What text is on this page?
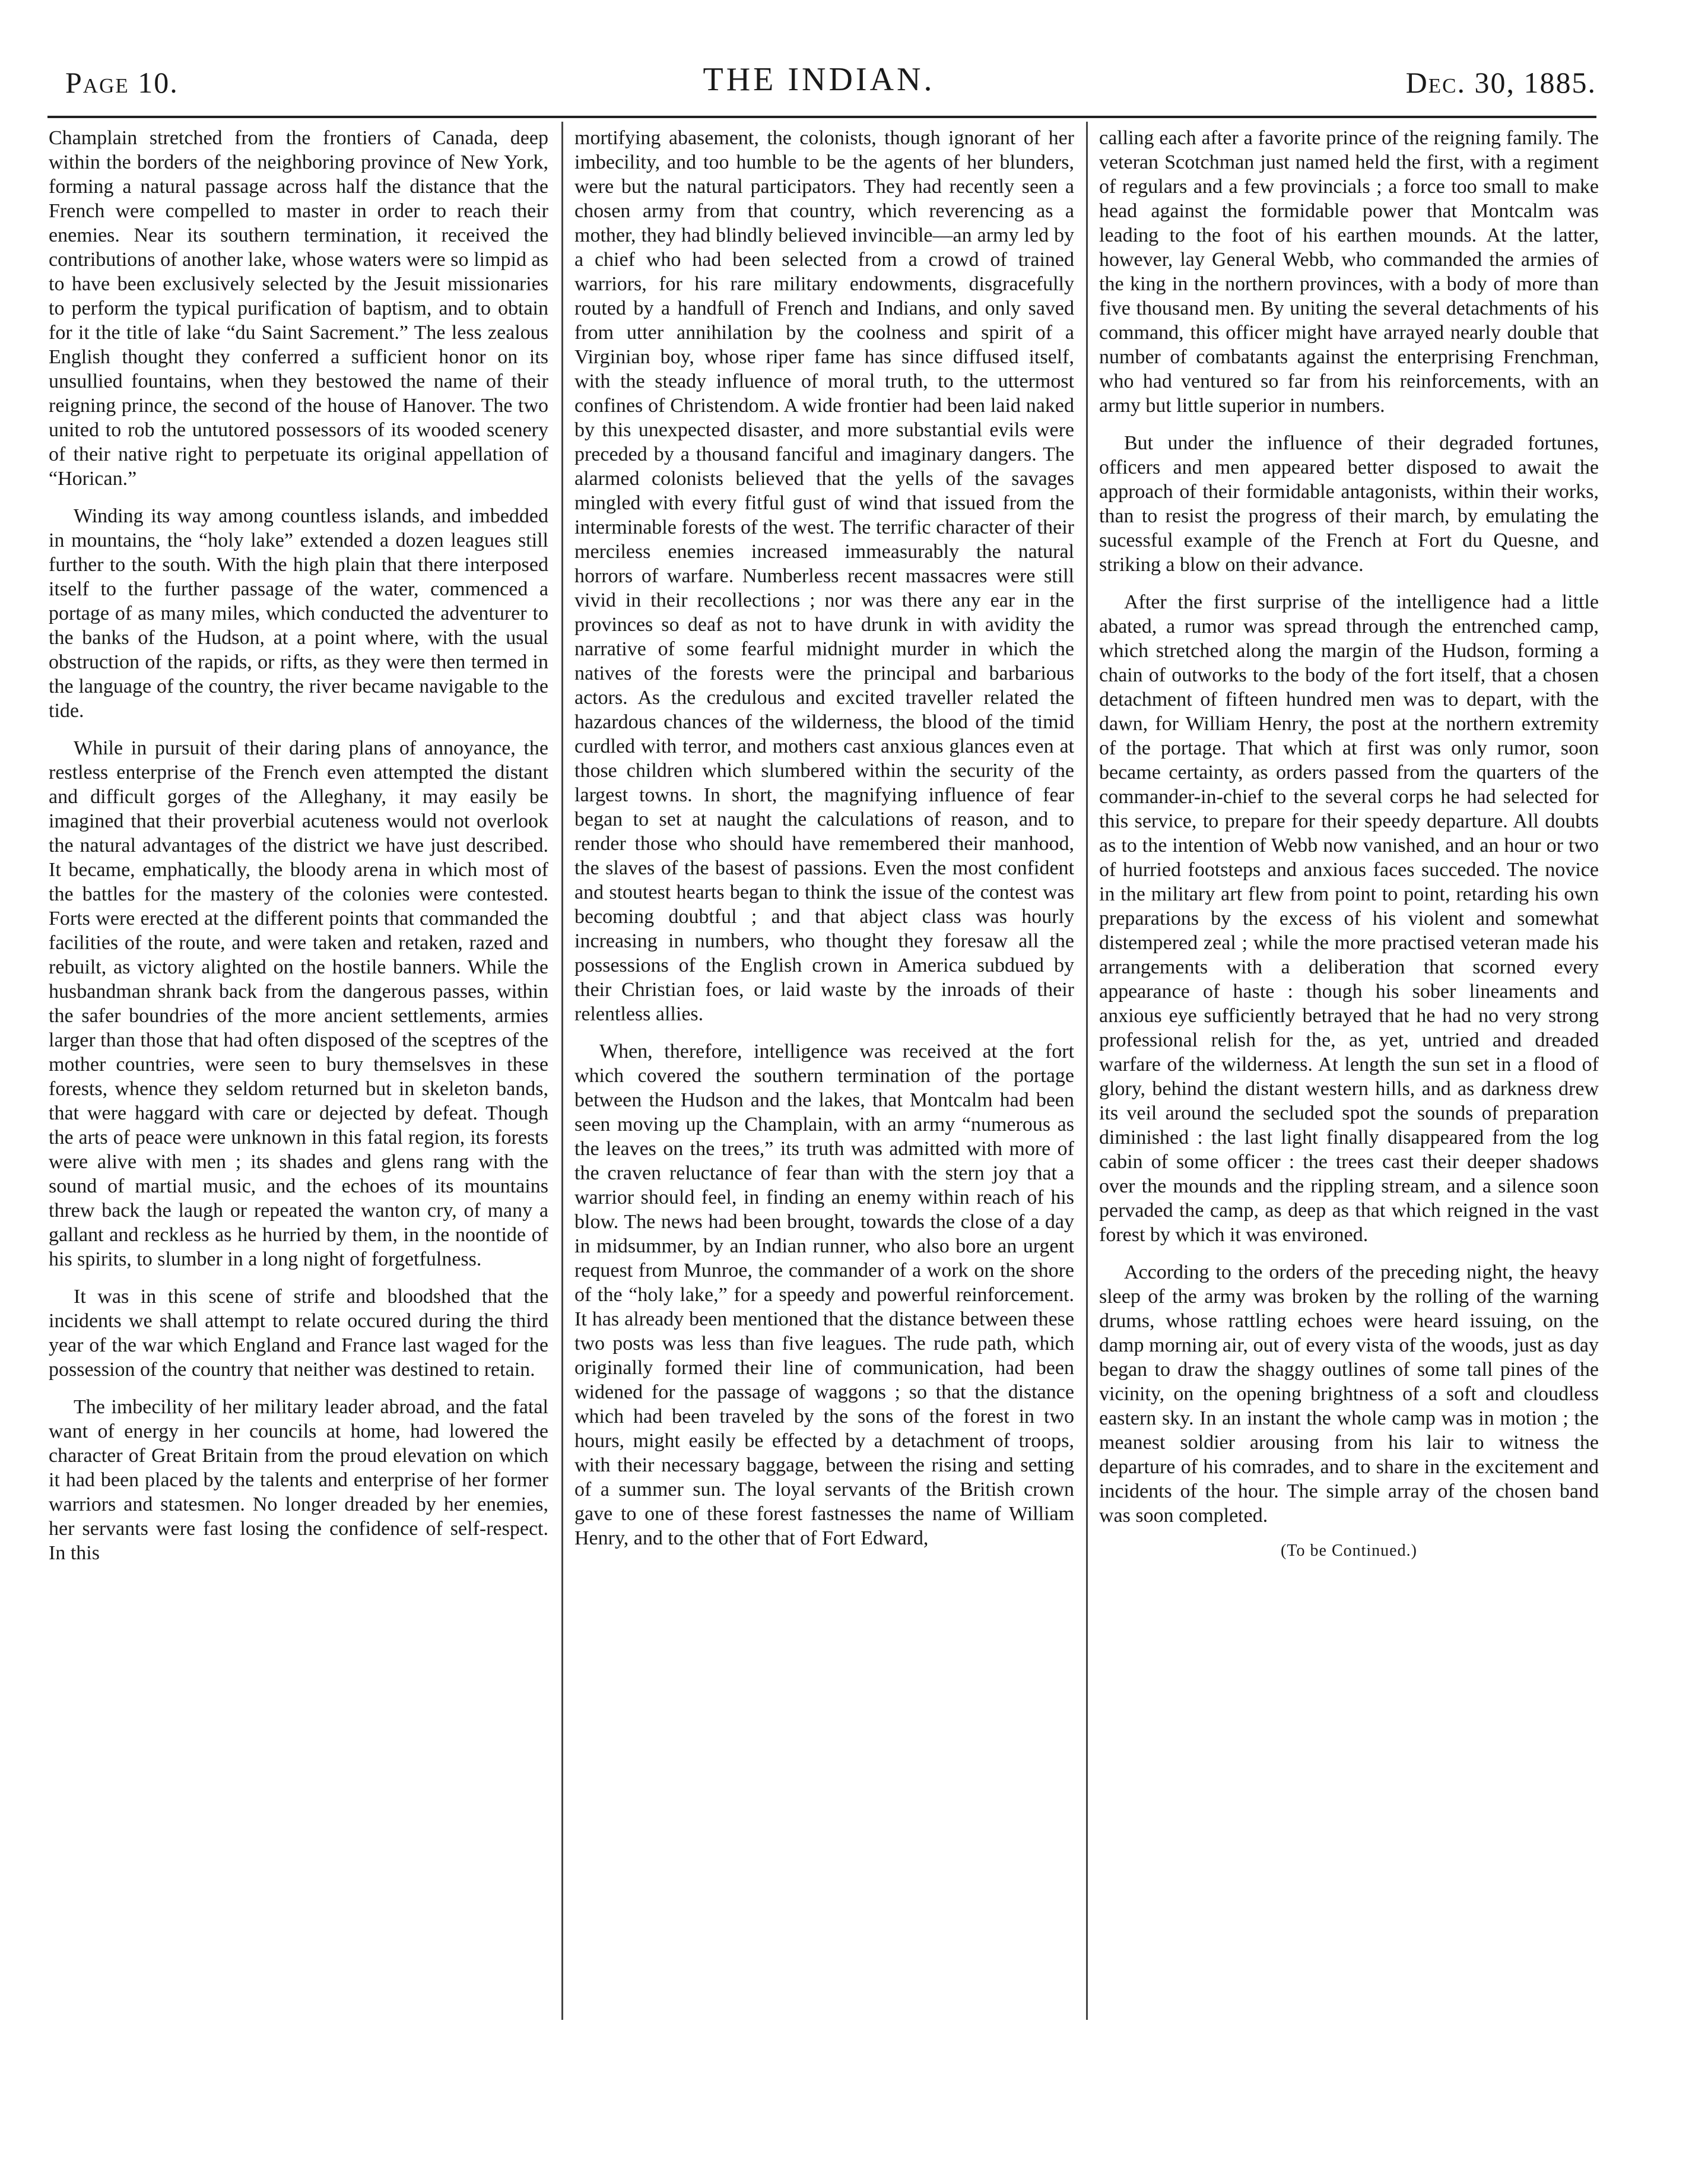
Page 10.	THE INDIAN.	Dec. 30, 1885.

Champlain stretched from the frontiers of Canada, deep within the borders of the neighboring province of New York, forming a natural passage across half the distance that the French were compelled to master in order to reach their enemies. Near its southern termination, it received the contributions of another lake, whose waters were so limpid as to have been exclusively selected by the Jesuit missionaries to perform the typical purification of baptism, and to obtain for it the title of lake “du Saint Sacrement.” The less zealous English thought they conferred a sufficient honor on its unsullied fountains, when they bestowed the name of their reigning prince, the second of the house of Hanover. The two united to rob the untutored possessors of its wooded scenery of their native right to perpetuate its original appellation of “Horican.”

Winding its way among countless islands, and imbedded in mountains, the “holy lake” extended a dozen leagues still further to the south. With the high plain that there interposed itself to the further passage of the water, commenced a portage of as many miles, which conducted the adventurer to the banks of the Hudson, at a point where, with the usual obstruction of the rapids, or rifts, as they were then termed in the language of the country, the river became navigable to the tide.

While in pursuit of their daring plans of annoyance, the restless enterprise of the French even attempted the distant and difficult gorges of the Alleghany, it may easily be imagined that their proverbial acuteness would not overlook the natural advantages of the district we have just described. It became, emphatically, the bloody arena in which most of the battles for the mastery of the colonies were contested. Forts were erected at the different points that commanded the facilities of the route, and were taken and retaken, razed and rebuilt, as victory alighted on the hostile banners. While the husbandman shrank back from the dangerous passes, within the safer boundries of the more ancient settlements, armies larger than those that had often disposed of the sceptres of the mother countries, were seen to bury themselsves in these forests, whence they seldom returned but in skeleton bands, that were haggard with care or dejected by defeat. Though the arts of peace were unknown in this fatal region, its forests were alive with men ; its shades and glens rang with the sound of martial music, and the echoes of its mountains threw back the laugh or repeated the wanton cry, of many a gallant and reckless as he hurried by them, in the noontide of his spirits, to slumber in a long night of forgetfulness.

It was in this scene of strife and bloodshed that the incidents we shall attempt to relate occured during the third year of the war which England and France last waged for the possession of the country that neither was destined to retain.

The imbecility of her military leader abroad, and the fatal want of energy in her councils at home, had lowered the character of Great Britain from the proud elevation on which it had been placed by the talents and enterprise of her former warriors and statesmen. No longer dreaded by her enemies, her servants were fast losing the confidence of self-respect. In this

mortifying abasement, the colonists, though ignorant of her imbecility, and too humble to be the agents of her blunders, were but the natural participators. They had recently seen a chosen army from that country, which reverencing as a mother, they had blindly believed invincible—an army led by a chief who had been selected from a crowd of trained warriors, for his rare military endowments, disgracefully routed by a handfull of French and Indians, and only saved from utter annihilation by the coolness and spirit of a Virginian boy, whose riper fame has since diffused itself, with the steady influence of moral truth, to the uttermost confines of Christendom. A wide frontier had been laid naked by this unexpected disaster, and more substantial evils were preceded by a thousand fanciful and imaginary dangers. The alarmed colonists believed that the yells of the savages mingled with every fitful gust of wind that issued from the interminable forests of the west. The terrific character of their merciless enemies increased immeasurably the natural horrors of warfare. Numberless recent massacres were still vivid in their recollections ; nor was there any ear in the provinces so deaf as not to have drunk in with avidity the narrative of some fearful midnight murder in which the natives of the forests were the principal and barbarious actors. As the credulous and excited traveller related the hazardous chances of the wilderness, the blood of the timid curdled with terror, and mothers cast anxious glances even at those children which slumbered within the security of the largest towns. In short, the magnifying influence of fear began to set at naught the calculations of reason, and to render those who should have remembered their manhood, the slaves of the basest of passions. Even the most confident and stoutest hearts began to think the issue of the contest was becoming doubtful ; and that abject class was hourly increasing in numbers, who thought they foresaw all the possessions of the English crown in America subdued by their Christian foes, or laid waste by the inroads of their relentless allies.

When, therefore, intelligence was received at the fort which covered the southern termination of the portage between the Hudson and the lakes, that Montcalm had been seen moving up the Champlain, with an army “numerous as the leaves on the trees,” its truth was admitted with more of the craven reluctance of fear than with the stern joy that a warrior should feel, in finding an enemy within reach of his blow. The news had been brought, towards the close of a day in midsummer, by an Indian runner, who also bore an urgent request from Munroe, the commander of a work on the shore of the “holy lake,” for a speedy and powerful reinforcement. It has already been mentioned that the distance between these two posts was less than five leagues. The rude path, which originally formed their line of communication, had been widened for the passage of waggons ; so that the distance which had been traveled by the sons of the forest in two hours, might easily be effected by a detachment of troops, with their necessary baggage, between the rising and setting of a summer sun. The loyal servants of the British crown gave to one of these forest fastnesses the name of William Henry, and to the other that of Fort Edward,

calling each after a favorite prince of the reigning family. The veteran Scotchman just named held the first, with a regiment of regulars and a few provincials ; a force too small to make head against the formidable power that Montcalm was leading to the foot of his earthen mounds. At the latter, however, lay General Webb, who commanded the armies of the king in the northern provinces, with a body of more than five thousand men. By uniting the several detachments of his command, this officer might have arrayed nearly double that number of combatants against the enterprising Frenchman, who had ventured so far from his reinforcements, with an army but little superior in numbers.

But under the influence of their degraded fortunes, officers and men appeared better disposed to await the approach of their formidable antagonists, within their works, than to resist the progress of their march, by emulating the sucessful example of the French at Fort du Quesne, and striking a blow on their advance.

After the first surprise of the intelligence had a little abated, a rumor was spread through the entrenched camp, which stretched along the margin of the Hudson, forming a chain of outworks to the body of the fort itself, that a chosen detachment of fifteen hundred men was to depart, with the dawn, for William Henry, the post at the northern extremity of the portage. That which at first was only rumor, soon became certainty, as orders passed from the quarters of the commander-in-chief to the several corps he had selected for this service, to prepare for their speedy departure. All doubts as to the intention of Webb now vanished, and an hour or two of hurried footsteps and anxious faces succeded. The novice in the military art flew from point to point, retarding his own preparations by the excess of his violent and somewhat distempered zeal ; while the more practised veteran made his arrangements with a deliberation that scorned every appearance of haste : though his sober lineaments and anxious eye sufficiently betrayed that he had no very strong professional relish for the, as yet, untried and dreaded warfare of the wilderness. At length the sun set in a flood of glory, behind the distant western hills, and as darkness drew its veil around the secluded spot the sounds of preparation diminished : the last light finally disappeared from the log cabin of some officer : the trees cast their deeper shadows over the mounds and the rippling stream, and a silence soon pervaded the camp, as deep as that which reigned in the vast forest by which it was environed.

According to the orders of the preceding night, the heavy sleep of the army was broken by the rolling of the warning drums, whose rattling echoes were heard issuing, on the damp morning air, out of every vista of the woods, just as day began to draw the shaggy outlines of some tall pines of the vicinity, on the opening brightness of a soft and cloudless eastern sky. In an instant the whole camp was in motion ; the meanest soldier arousing from his lair to witness the departure of his comrades, and to share in the excitement and incidents of the hour. The simple array of the chosen band was soon completed.

(To be Continued.)
